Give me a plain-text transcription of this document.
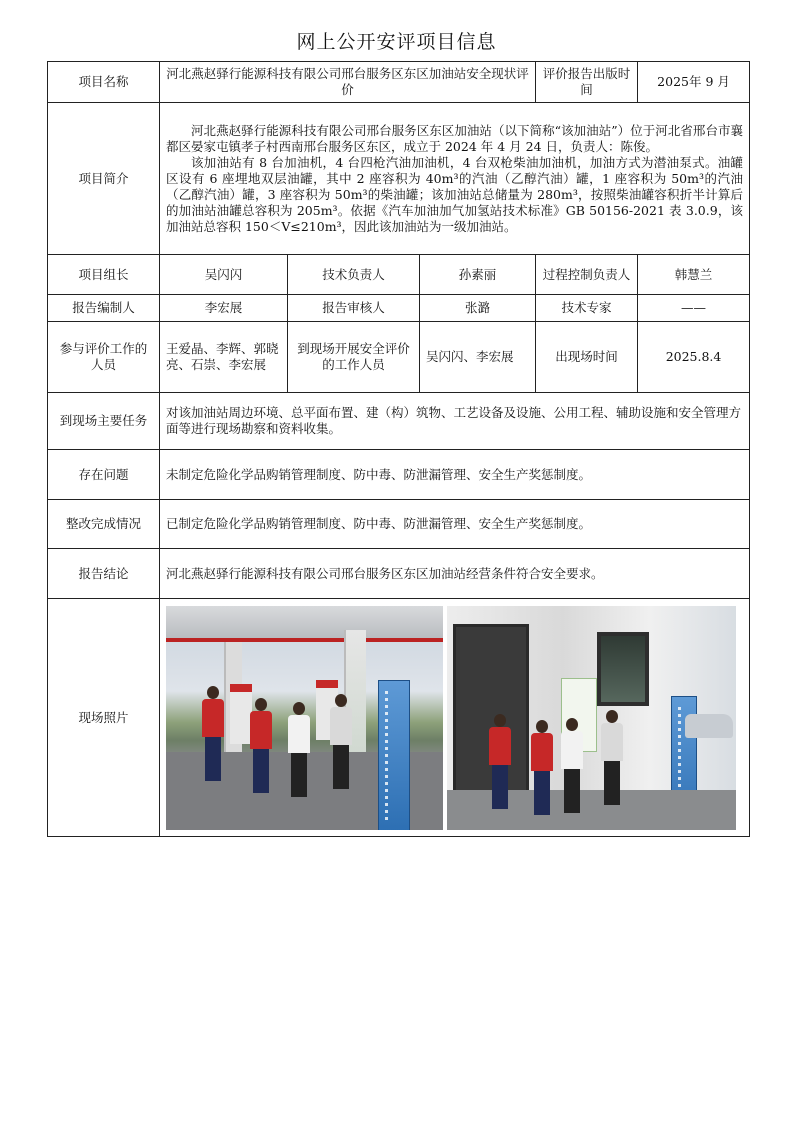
网上公开安评项目信息
项目名称	河北燕赵驿行能源科技有限公司邢台服务区东区加油站安全现状评价			评价报告出版时间	2025年 9 月
项目简介	河北燕赵驿行能源科技有限公司邢台服务区东区加油站（以下简称“该加油站”）位于河北省邢台市襄都区晏家屯镇孝子村西南邢台服务区东区，成立于 2024 年 4 月 24 日，负责人：陈俊。

该加油站有 8 台加油机，4 台四枪汽油加油机，4 台双枪柴油加油机，加油方式为潜油泵式。油罐区设有 6 座埋地双层油罐，其中 2 座容积为 40m³的汽油（乙醇汽油）罐，1 座容积为 50m³的汽油（乙醇汽油）罐，3 座容积为 50m³的柴油罐；该加油站总储量为 280m³，按照柴油罐容积折半计算后的加油站油罐总容积为 205m³。依据《汽车加油加气加氢站技术标准》GB 50156-2021 表 3.0.9，该加油站总容积 150＜V≤210m³，因此该加油站为一级加油站。				

项目组长	吴闪闪	技术负责人	孙素丽	过程控制负责人	韩慧兰
报告编制人	李宏展	报告审核人	张潞	技术专家	——
参与评价工作的人员	王爱晶、李辉、郭晓亮、石崇、李宏展	到现场开展安全评价的工作人员	吴闪闪、李宏展	出现场时间	2025.8.4
到现场主要任务	对该加油站周边环境、总平面布置、建（构）筑物、工艺设备及设施、公用工程、辅助设施和安全管理方面等进行现场勘察和资料收集。				
存在问题	未制定危险化学品购销管理制度、防中毒、防泄漏管理、安全生产奖惩制度。				
整改完成情况	已制定危险化学品购销管理制度、防中毒、防泄漏管理、安全生产奖惩制度。				
报告结论	河北燕赵驿行能源科技有限公司邢台服务区东区加油站经营条件符合安全要求。				
现场照片					
